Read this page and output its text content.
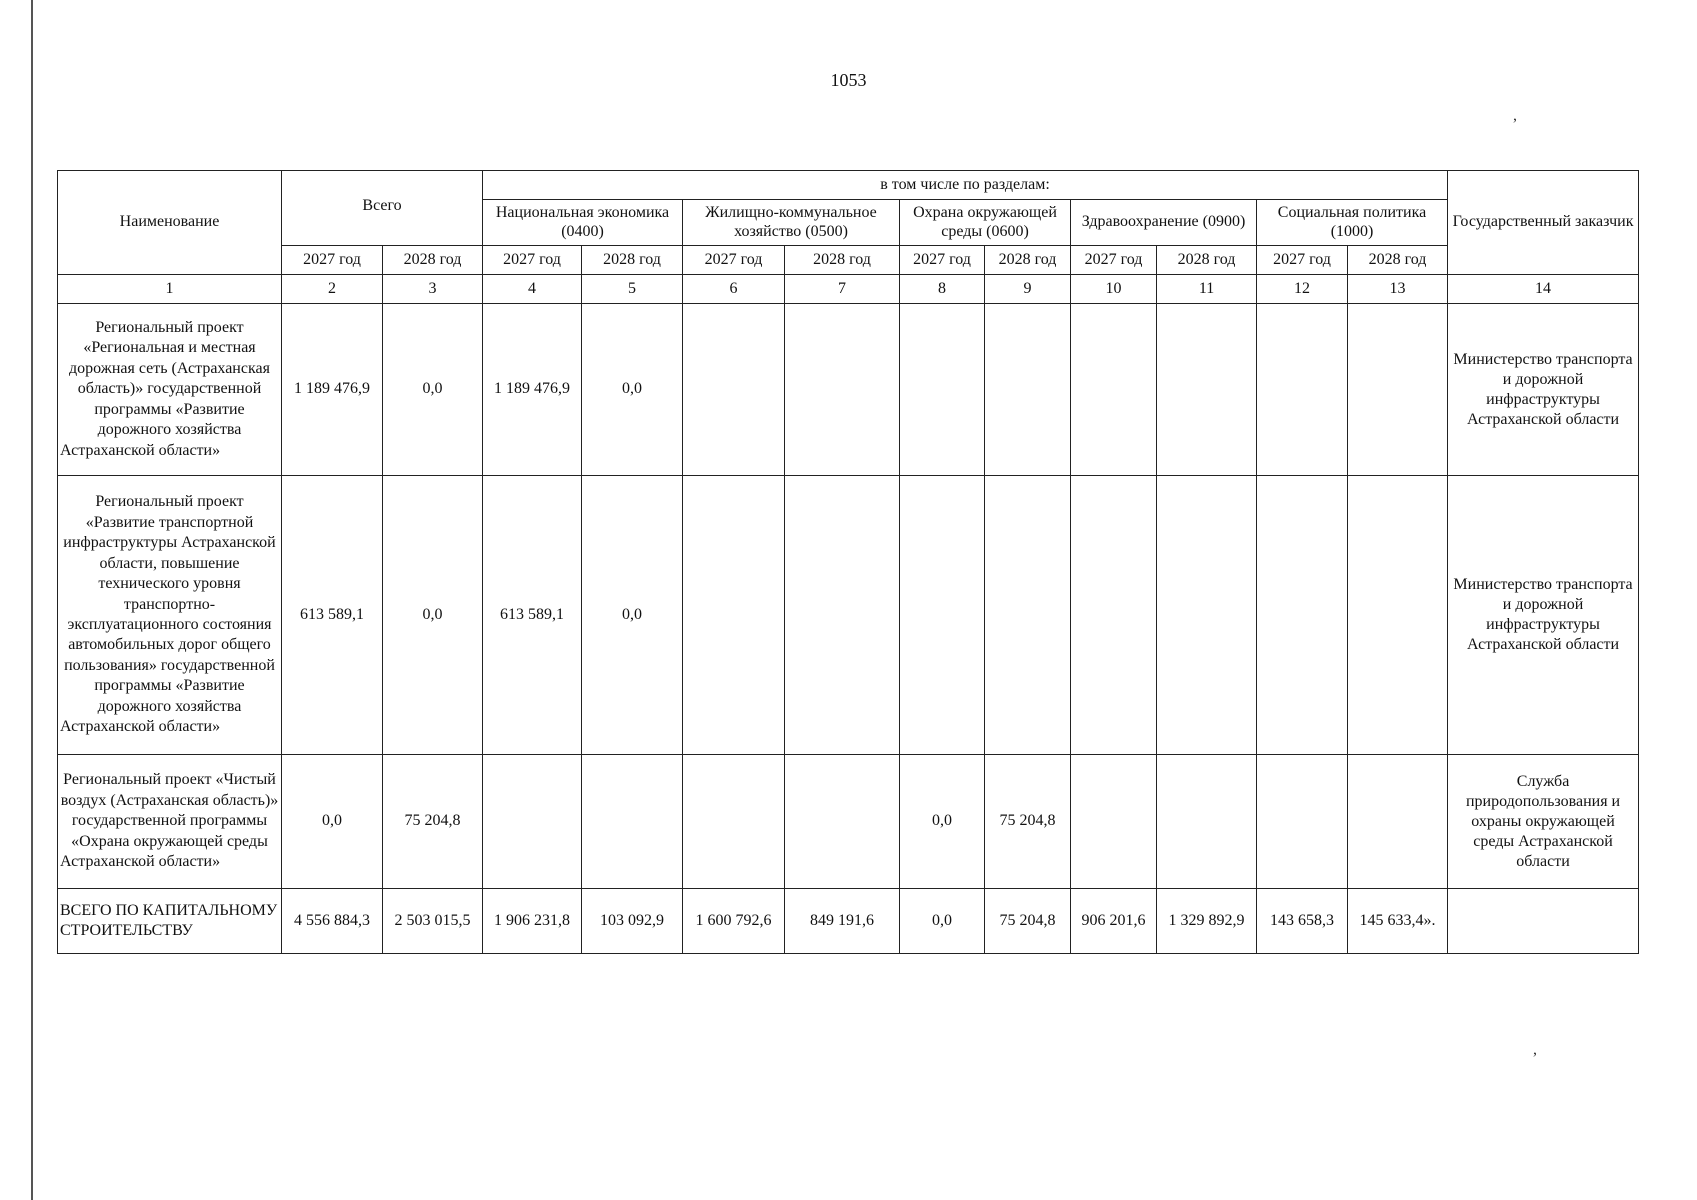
1053
,
,
Наименование	Всего		в том числе по разделам:										Государственный заказчик
			Национальная экономика (0400)		Жилищно-коммунальное хозяйство (0500)		Охрана окружающей среды (0600)		Здравоохранение (0900)		Социальная политика (1000)		
	2027 год	2028 год	2027 год	2028 год	2027 год	2028 год	2027 год	2028 год	2027 год	2028 год	2027 год	2028 год	
1	2	3	4	5	6	7	8	9	10	11	12	13	14
Региональный проект «Региональная и местная дорожная сеть (Астраханская область)» государственной программы «Развитие дорожного хозяйства Астраханской области»	1 189 476,9	0,0	1 189 476,9	0,0									Министерство транспорта и дорожной инфраструктуры Астраханской области
Региональный проект «Развитие транспортной инфраструктуры Астраханской области, повышение технического уровня транспортно-эксплуатационного состояния автомобильных дорог общего пользования» государственной программы «Развитие дорожного хозяйства Астраханской области»	613 589,1	0,0	613 589,1	0,0									Министерство транспорта и дорожной инфраструктуры Астраханской области
Региональный проект «Чистый воздух (Астраханская область)» государственной программы «Охрана окружающей среды Астраханской области»	0,0	75 204,8					0,0	75 204,8					Служба природопользования и охраны окружающей среды Астраханской области
ВСЕГО ПО КАПИТАЛЬНОМУ СТРОИТЕЛЬСТВУ	4 556 884,3	2 503 015,5	1 906 231,8	103 092,9	1 600 792,6	849 191,6	0,0	75 204,8	906 201,6	1 329 892,9	143 658,3	145 633,4».	
